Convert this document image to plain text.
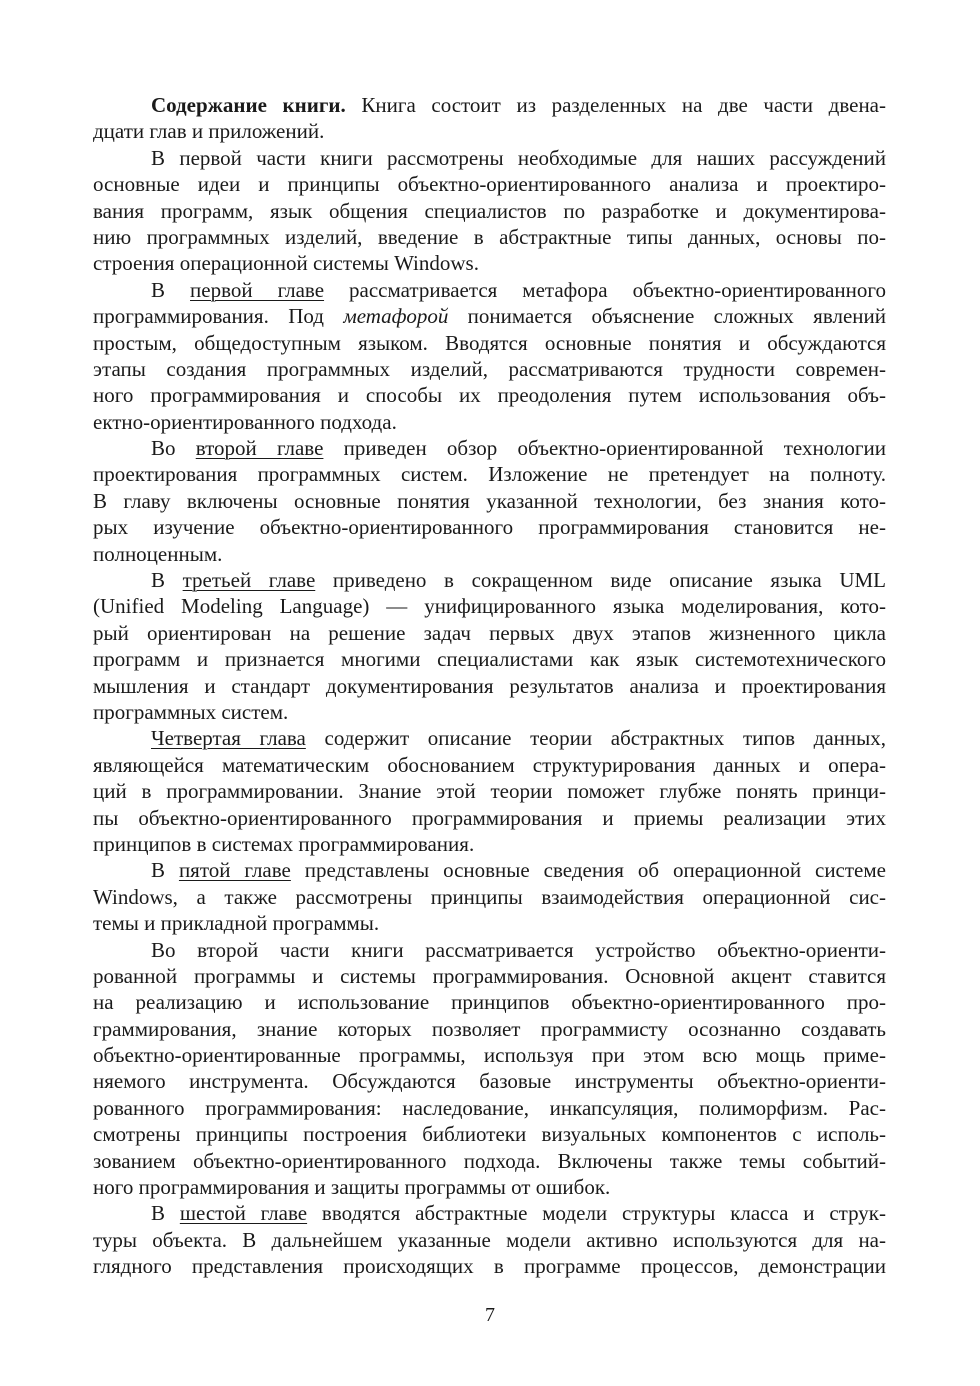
Содержание книги. Книга состоит из разделенных на две части двена-
дцати глав и приложений.
В первой части книги рассмотрены необходимые для наших рассуждений
основные идеи и принципы объектно-ориентированного анализа и проектиро-
вания программ, язык общения специалистов по разработке и документирова-
нию программных изделий, введение в абстрактные типы данных, основы по-
строения операционной системы Windows.
В первой главе рассматривается метафора объектно-ориентированного
программирования. Под метафорой понимается объяснение сложных явлений
простым, общедоступным языком. Вводятся основные понятия и обсуждаются
этапы создания программных изделий, рассматриваются трудности современ-
ного программирования и способы их преодоления путем использования объ-
ектно-ориентированного подхода.
Во второй главе приведен обзор объектно-ориентированной технологии
проектирования программных систем. Изложение не претендует на полноту.
В главу включены основные понятия указанной технологии, без знания кото-
рых изучение объектно-ориентированного программирования становится не-
полноценным.
В третьей главе приведено в сокращенном виде описание языка UML
(Unified Modeling Language) — унифицированного языка моделирования, кото-
рый ориентирован на решение задач первых двух этапов жизненного цикла
программ и признается многими специалистами как язык системотехнического
мышления и стандарт документирования результатов анализа и проектирования
программных систем.
Четвертая глава содержит описание теории абстрактных типов данных,
являющейся математическим обоснованием структурирования данных и опера-
ций в программировании. Знание этой теории поможет глубже понять принци-
пы объектно-ориентированного программирования и приемы реализации этих
принципов в системах программирования.
В пятой главе представлены основные сведения об операционной системе
Windows, а также рассмотрены принципы взаимодействия операционной сис-
темы и прикладной программы.
Во второй части книги рассматривается устройство объектно-ориенти-
рованной программы и системы программирования. Основной акцент ставится
на реализацию и использование принципов объектно-ориентированного про-
граммирования, знание которых позволяет программисту осознанно создавать
объектно-ориентированные программы, используя при этом всю мощь приме-
няемого инструмента. Обсуждаются базовые инструменты объектно-ориенти-
рованного программирования: наследование, инкапсуляция, полиморфизм. Рас-
смотрены принципы построения библиотеки визуальных компонентов с исполь-
зованием объектно-ориентированного подхода. Включены также темы событий-
ного программирования и защиты программы от ошибок.
В шестой главе вводятся абстрактные модели структуры класса и струк-
туры объекта. В дальнейшем указанные модели активно используются для на-
глядного представления происходящих в программе процессов, демонстрации
7
